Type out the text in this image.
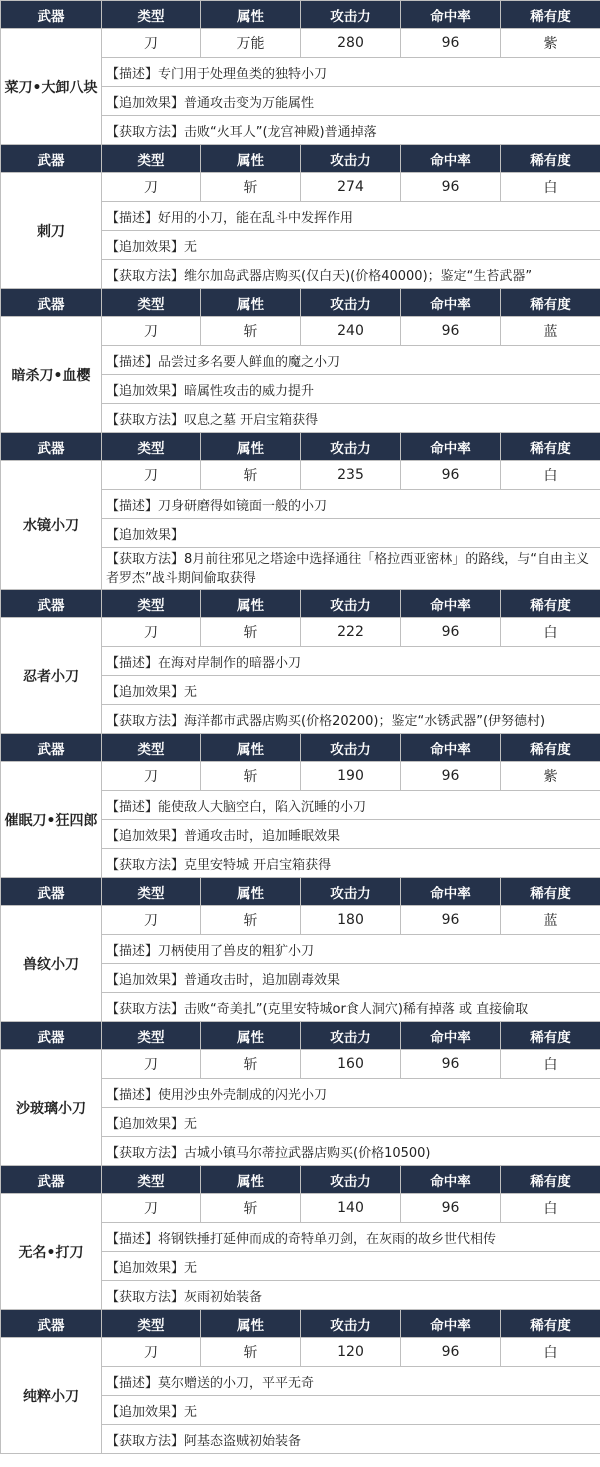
武器	类型	属性	攻击力	命中率	稀有度
菜刀•大卸八块	刀	万能	280	96	紫
	【描述】专门用于处理鱼类的独特小刀				
	【追加效果】普通攻击变为万能属性				
	【获取方法】击败“火耳人”(龙宫神殿)普通掉落				
武器	类型	属性	攻击力	命中率	稀有度
刺刀	刀	斩	274	96	白
	【描述】好用的小刀，能在乱斗中发挥作用				
	【追加效果】无				
	【获取方法】维尔加岛武器店购买(仅白天)(价格40000)；鉴定“生苔武器”				
武器	类型	属性	攻击力	命中率	稀有度
暗杀刀•血樱	刀	斩	240	96	蓝
	【描述】品尝过多名要人鲜血的魔之小刀				
	【追加效果】暗属性攻击的威力提升				
	【获取方法】叹息之墓 开启宝箱获得				
武器	类型	属性	攻击力	命中率	稀有度
水镜小刀	刀	斩	235	96	白
	【描述】刀身研磨得如镜面一般的小刀				
	【追加效果】				
	【获取方法】8月前往邪见之塔途中选择通往「格拉西亚密林」的路线，与“自由主义者罗杰”战斗期间偷取获得				
武器	类型	属性	攻击力	命中率	稀有度
忍者小刀	刀	斩	222	96	白
	【描述】在海对岸制作的暗器小刀				
	【追加效果】无				
	【获取方法】海洋都市武器店购买(价格20200)；鉴定“水锈武器”(伊努德村)				
武器	类型	属性	攻击力	命中率	稀有度
催眠刀•狂四郎	刀	斩	190	96	紫
	【描述】能使敌人大脑空白，陷入沉睡的小刀				
	【追加效果】普通攻击时，追加睡眠效果				
	【获取方法】克里安特城 开启宝箱获得				
武器	类型	属性	攻击力	命中率	稀有度
兽纹小刀	刀	斩	180	96	蓝
	【描述】刀柄使用了兽皮的粗犷小刀				
	【追加效果】普通攻击时，追加剧毒效果				
	【获取方法】击败“奇美扎”(克里安特城or食人洞穴)稀有掉落 或 直接偷取				
武器	类型	属性	攻击力	命中率	稀有度
沙玻璃小刀	刀	斩	160	96	白
	【描述】使用沙虫外壳制成的闪光小刀				
	【追加效果】无				
	【获取方法】古城小镇马尔蒂拉武器店购买(价格10500)				
武器	类型	属性	攻击力	命中率	稀有度
无名•打刀	刀	斩	140	96	白
	【描述】将钢铁捶打延伸而成的奇特单刃剑，在灰雨的故乡世代相传				
	【追加效果】无				
	【获取方法】灰雨初始装备				
武器	类型	属性	攻击力	命中率	稀有度
纯粹小刀	刀	斩	120	96	白
	【描述】莫尔赠送的小刀，平平无奇				
	【追加效果】无				
	【获取方法】阿基态盗贼初始装备				
